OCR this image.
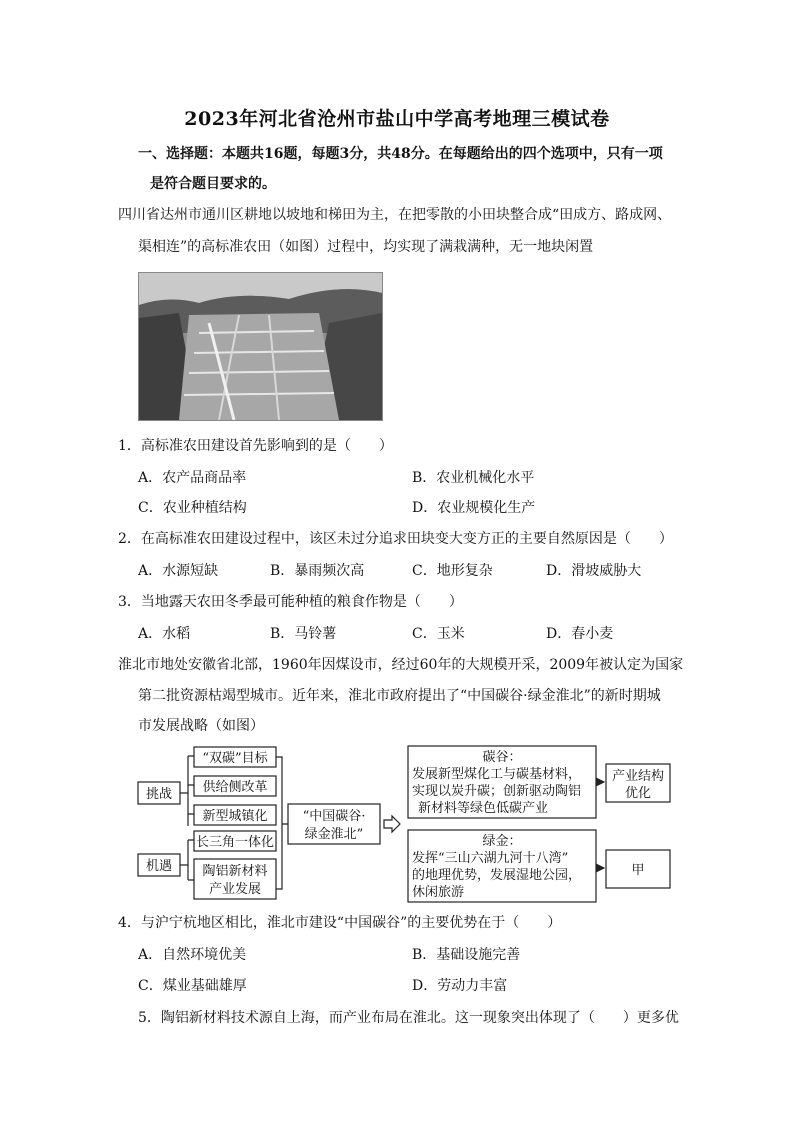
2023年河北省沧州市盐山中学高考地理三模试卷
一、选择题：本题共16题，每题3分，共48分。在每题给出的四个选项中，只有一项
是符合题目要求的。
四川省达州市通川区耕地以坡地和梯田为主，在把零散的小田块整合成“田成方、路成网、
渠相连”的高标准农田（如图）过程中，均实现了满栽满种，无一地块闲置
1．高标准农田建设首先影响到的是（　　）
A．农产品商品率	B．农业机械化水平
C．农业种植结构	D．农业规模化生产
2．在高标准农田建设过程中，该区未过分追求田块变大变方正的主要自然原因是（　　）
A．水源短缺	B．暴雨频次高	C．地形复杂	D．滑坡威胁大
3．当地露天农田冬季最可能种植的粮食作物是（　　）
A．水稻	B．马铃薯	C．玉米	D．春小麦
淮北市地处安徽省北部，1960年因煤设市，经过60年的大规模开采，2009年被认定为国家
第二批资源枯竭型城市。近年来，淮北市政府提出了“中国碳谷·绿金淮北”的新时期城
市发展战略（如图）
挑战
机遇
“双碳”目标
供给侧改革
新型城镇化
长三角一体化
陶铝新材料
产业发展
“中国碳谷·
绿金淮北”
碳谷：
发展新型煤化工与碳基材料，
实现以炭升碳；创新驱动陶铝
新材料等绿色低碳产业
绿金：
发挥“三山六湖九河十八湾”
的地理优势，发展湿地公园，
休闲旅游
产业结构
优化
甲
4．与沪宁杭地区相比，淮北市建设“中国碳谷”的主要优势在于（　　）
A．自然环境优美	B．基础设施完善
C．煤业基础雄厚	D．劳动力丰富
5．陶铝新材料技术源自上海，而产业布局在淮北。这一现象突出体现了（　　）更多优
